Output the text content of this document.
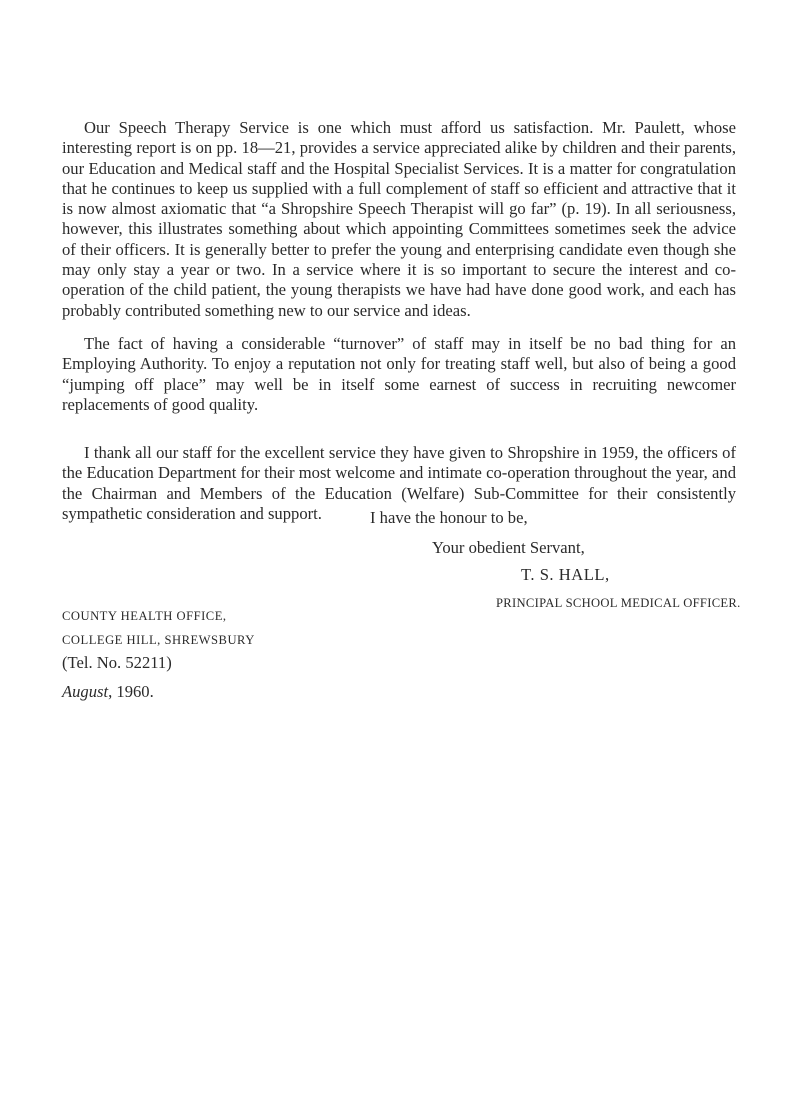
Our Speech Therapy Service is one which must afford us satisfaction. Mr. Paulett, whose interesting report is on pp. 18—21, provides a service appreciated alike by children and their parents, our Education and Medical staff and the Hospital Specialist Services. It is a matter for congratulation that he continues to keep us supplied with a full complement of staff so efficient and attractive that it is now almost axiomatic that “a Shropshire Speech Therapist will go far” (p. 19). In all seriousness, however, this illustrates something about which appointing Committees sometimes seek the advice of their officers. It is generally better to prefer the young and enterprising candidate even though she may only stay a year or two. In a service where it is so important to secure the interest and co-operation of the child patient, the young therapists we have had have done good work, and each has probably contributed something new to our service and ideas.

The fact of having a considerable “turnover” of staff may in itself be no bad thing for an Employing Authority. To enjoy a reputation not only for treating staff well, but also of being a good “jumping off place” may well be in itself some earnest of success in recruiting newcomer replacements of good quality.

I thank all our staff for the excellent service they have given to Shropshire in 1959, the officers of the Education Department for their most welcome and intimate co-operation throughout the year, and the Chairman and Members of the Education (Welfare) Sub-Committee for their consistently sympathetic consideration and support.	I have the honour to be,

Your obedient Servant,

T. S. HALL,

PRINCIPAL SCHOOL MEDICAL OFFICER.

COUNTY HEALTH OFFICE,

COLLEGE HILL, SHREWSBURY

(Tel. No. 52211)

August, 1960.
